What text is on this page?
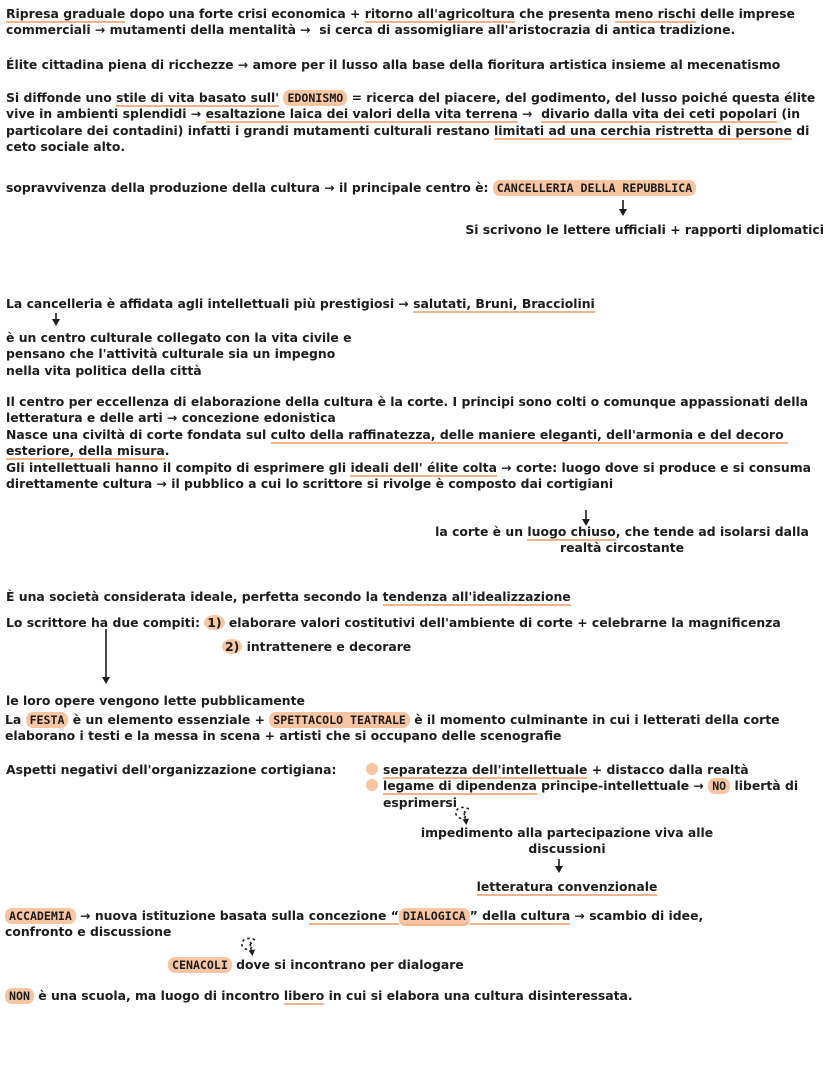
Ripresa graduale dopo una forte crisi economica + ritorno all'agricoltura che presenta meno rischi delle imprese commerciali → mutamenti della mentalità →  si cerca di assomigliare all'aristocrazia di antica tradizione.
Élite cittadina piena di ricchezze → amore per il lusso alla base della fioritura artistica insieme al mecenatismo
Si diffonde uno stile di vita basato sull' EDONISMO = ricerca del piacere, del godimento, del lusso poiché questa élite vive in ambienti splendidi → esaltazione laica dei valori della vita terrena →  divario dalla vita dei ceti popolari (in particolare dei contadini) infatti i grandi mutamenti culturali restano limitati ad una cerchia ristretta di persone di ceto sociale alto.
sopravvivenza della produzione della cultura → il principale centro è: CANCELLERIA DELLA REPUBBLICA
Si scrivono le lettere ufficiali + rapporti diplomatici
La cancelleria è affidata agli intellettuali più prestigiosi → salutati, Bruni, Bracciolini
è un centro culturale collegato con la vita civile e
pensano che l'attività culturale sia un impegno
nella vita politica della città
Il centro per eccellenza di elaborazione della cultura è la corte. I principi sono colti o comunque appassionati della letteratura e delle arti → concezione edonistica
Nasce una civiltà di corte fondata sul culto della raffinatezza, delle maniere eleganti, dell'armonia e del decoro esteriore, della misura.
Gli intellettuali hanno il compito di esprimere gli ideali dell' élite colta → corte: luogo dove si produce e si consuma direttamente cultura → il pubblico a cui lo scrittore si rivolge è composto dai cortigiani
la corte è un luogo chiuso, che tende ad isolarsi dalla realtà circostante
È una società considerata ideale, perfetta secondo la tendenza all'idealizzazione
Lo scrittore ha due compiti: 1) elaborare valori costitutivi dell'ambiente di corte + celebrarne la magnificenza
2) intrattenere e decorare
le loro opere vengono lette pubblicamente
La FESTA è un elemento essenziale + SPETTACOLO TEATRALE è il momento culminante in cui i letterati della corte elaborano i testi e la messa in scena + artisti che si occupano delle scenografie
Aspetti negativi dell'organizzazione cortigiana:	separatezza dell'intellettuale + distacco dalla realtà
legame di dipendenza principe-intellettuale → NO libertà di
esprimersi
impedimento alla partecipazione viva alle discussioni
letteratura convenzionale
ACCADEMIA → nuova istituzione basata sulla concezione “ DIALOGICA ” della cultura → scambio di idee,
confronto e discussione
CENACOLI dove si incontrano per dialogare
NON è una scuola, ma luogo di incontro libero in cui si elabora una cultura disinteressata.
